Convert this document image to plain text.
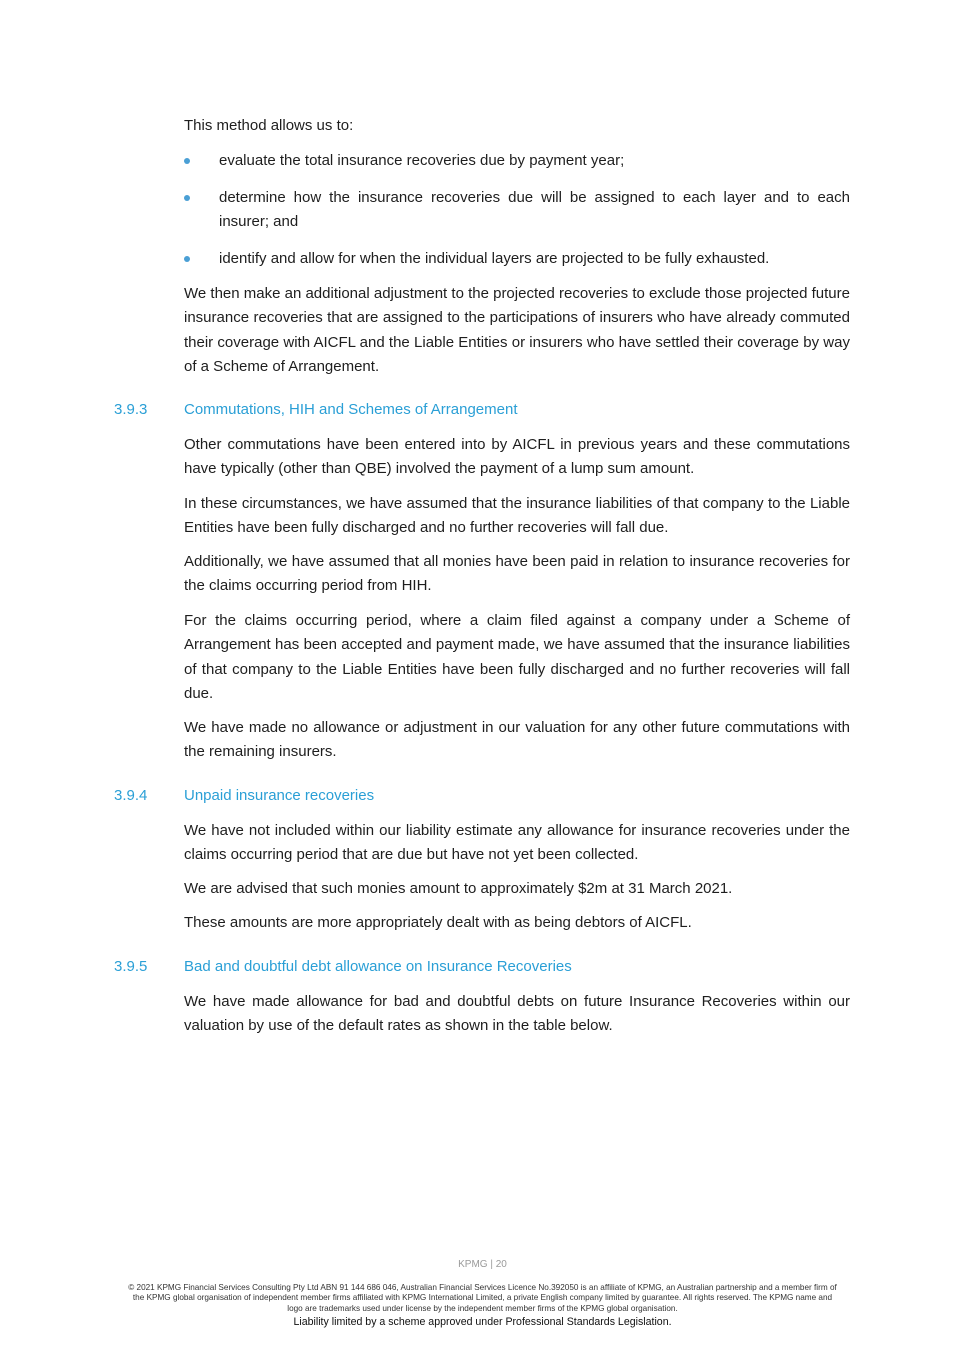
This method allows us to:

evaluate the total insurance recoveries due by payment year;
determine how the insurance recoveries due will be assigned to each layer and to each insurer; and
identify and allow for when the individual layers are projected to be fully exhausted.

We then make an additional adjustment to the projected recoveries to exclude those projected future insurance recoveries that are assigned to the participations of insurers who have already commuted their coverage with AICFL and the Liable Entities or insurers who have settled their coverage by way of a Scheme of Arrangement.

3.9.3 Commutations, HIH and Schemes of Arrangement

Other commutations have been entered into by AICFL in previous years and these commutations have typically (other than QBE) involved the payment of a lump sum amount.

In these circumstances, we have assumed that the insurance liabilities of that company to the Liable Entities have been fully discharged and no further recoveries will fall due.

Additionally, we have assumed that all monies have been paid in relation to insurance recoveries for the claims occurring period from HIH.

For the claims occurring period, where a claim filed against a company under a Scheme of Arrangement has been accepted and payment made, we have assumed that the insurance liabilities of that company to the Liable Entities have been fully discharged and no further recoveries will fall due.

We have made no allowance or adjustment in our valuation for any other future commutations with the remaining insurers.

3.9.4 Unpaid insurance recoveries

We have not included within our liability estimate any allowance for insurance recoveries under the claims occurring period that are due but have not yet been collected.

We are advised that such monies amount to approximately $2m at 31 March 2021.

These amounts are more appropriately dealt with as being debtors of AICFL.

3.9.5 Bad and doubtful debt allowance on Insurance Recoveries

We have made allowance for bad and doubtful debts on future Insurance Recoveries within our valuation by use of the default rates as shown in the table below.

KPMG | 20
© 2021 KPMG Financial Services Consulting Pty Ltd ABN 91 144 686 046, Australian Financial Services Licence No.392050 is an affiliate of KPMG, an Australian partnership and a member firm of the KPMG global organisation of independent member firms affiliated with KPMG International Limited, a private English company limited by guarantee. All rights reserved. The KPMG name and logo are trademarks used under license by the independent member firms of the KPMG global organisation.
Liability limited by a scheme approved under Professional Standards Legislation.
